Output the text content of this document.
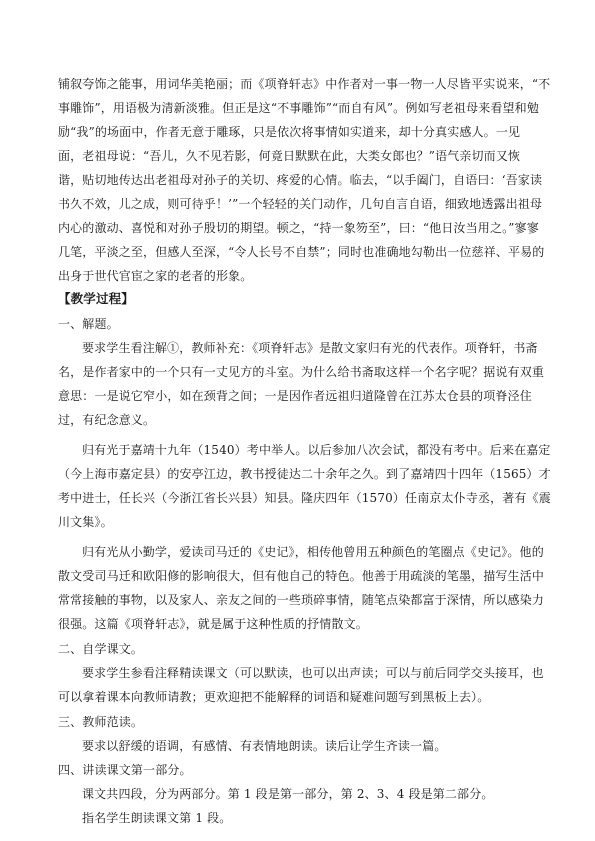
铺叙夸饰之能事，用词华美艳丽；而《项脊轩志》中作者对一事一物一人尽皆平实说来，“不
事雕饰”，用语极为清新淡雅。但正是这“不事雕饰”“而自有风”。例如写老祖母来看望和勉
励“我”的场面中，作者无意于雕琢，只是依次将事情如实道来，却十分真实感人。一见
面，老祖母说：“吾儿，久不见若影，何竟日默默在此，大类女郎也？”语气亲切而又恢
谐，贴切地传达出老祖母对孙子的关切、疼爱的心情。临去，“以手阖门，自语曰：‘吾家读
书久不效，儿之成，则可待乎！’”一个轻轻的关门动作，几句自言自语，细致地透露出祖母
内心的激动、喜悦和对孙子殷切的期望。顿之，“持一象笏至”，曰：“他日汝当用之。”寥寥
几笔，平淡之至，但感人至深，“令人长号不自禁”；同时也准确地勾勒出一位慈祥、平易的
出身于世代官宦之家的老者的形象。
【教学过程】
一、解题。
要求学生看注解①，教师补充：《项脊轩志》是散文家归有光的代表作。项脊轩，书斋
名，是作者家中的一个只有一丈见方的斗室。为什么给书斋取这样一个名字呢？据说有双重
意思：一是说它窄小，如在颈背之间；一是因作者远祖归道隆曾在江苏太仓县的项脊泾住
过，有纪念意义。
归有光于嘉靖十九年（1540）考中举人。以后参加八次会试，都没有考中。后来在嘉定
（今上海市嘉定县）的安亭江边，教书授徒达二十余年之久。到了嘉靖四十四年（1565）才
考中进士，任长兴（今浙江省长兴县）知县。隆庆四年（1570）任南京太仆寺丞，著有《震
川文集》。
归有光从小勤学，爱读司马迁的《史记》，相传他曾用五种颜色的笔圈点《史记》。他的
散文受司马迁和欧阳修的影响很大，但有他自己的特色。他善于用疏淡的笔墨，描写生活中
常常接触的事物，以及家人、亲友之间的一些琐碎事情，随笔点染都富于深情，所以感染力
很强。这篇《项脊轩志》，就是属于这种性质的抒情散文。
二、自学课文。
要求学生参看注释精读课文（可以默读，也可以出声读；可以与前后同学交头接耳，也
可以拿着课本向教师请教；更欢迎把不能解释的词语和疑难问题写到黑板上去）。
三、教师范读。
要求以舒缓的语调，有感情、有表情地朗读。读后让学生齐读一篇。
四、讲读课文第一部分。
课文共四段，分为两部分。第 1 段是第一部分，第 2、3、4 段是第二部分。
指名学生朗读课文第 1 段。
